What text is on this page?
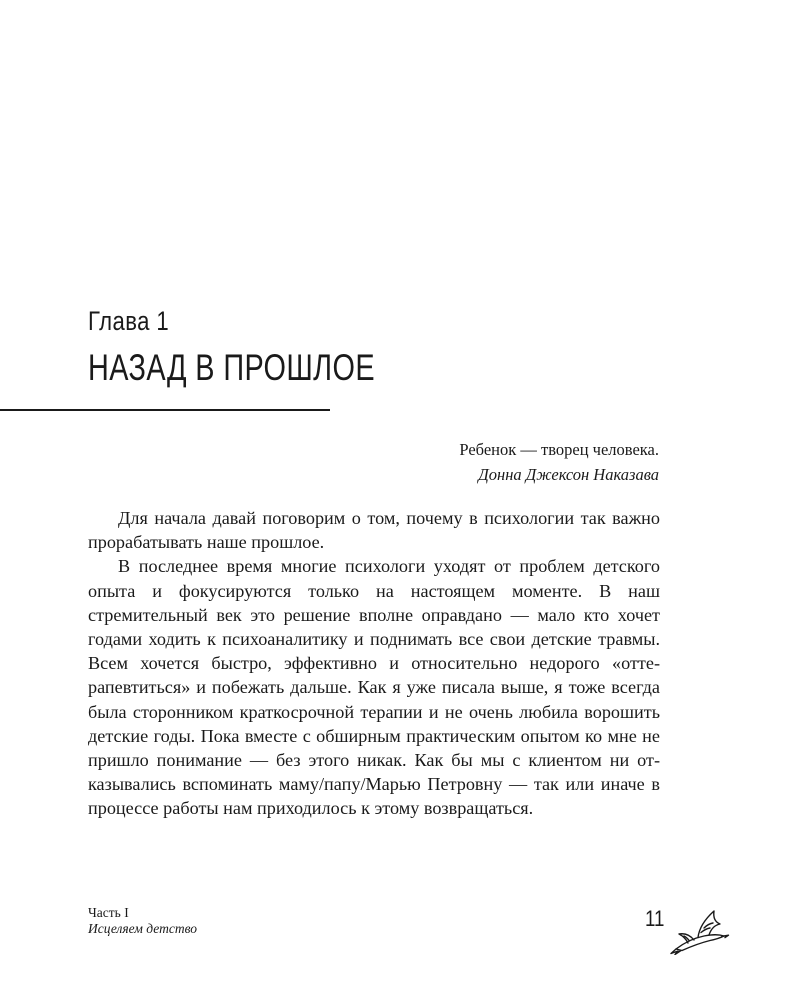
Глава 1
НАЗАД В ПРОШЛОЕ
Ребенок — творец человека.
Донна Джексон Наказава

Для начала давай поговорим о том, почему в психологии так важно прорабатывать наше прошлое.

В последнее время многие психологи уходят от проблем детского опыта и фокусируются только на настоящем моменте. В наш стремительный век это решение вполне оправдано — мало кто хочет годами ходить к психоаналитику и поднимать все свои детские травмы. Всем хочется быстро, эффективно и относительно недорого «оттерапевтиться» и побежать дальше. Как я уже писала выше, я тоже всегда была сторонником краткосрочной терапии и не очень любила ворошить детские годы. Пока вместе с обширным практическим опытом ко мне не пришло понимание — без этого никак. Как бы мы с клиентом ни отказывались вспоминать маму/папу/Марью Петровну — так или иначе в процессе работы нам приходилось к этому возвращаться.

Часть I
Исцеляем детство	11
